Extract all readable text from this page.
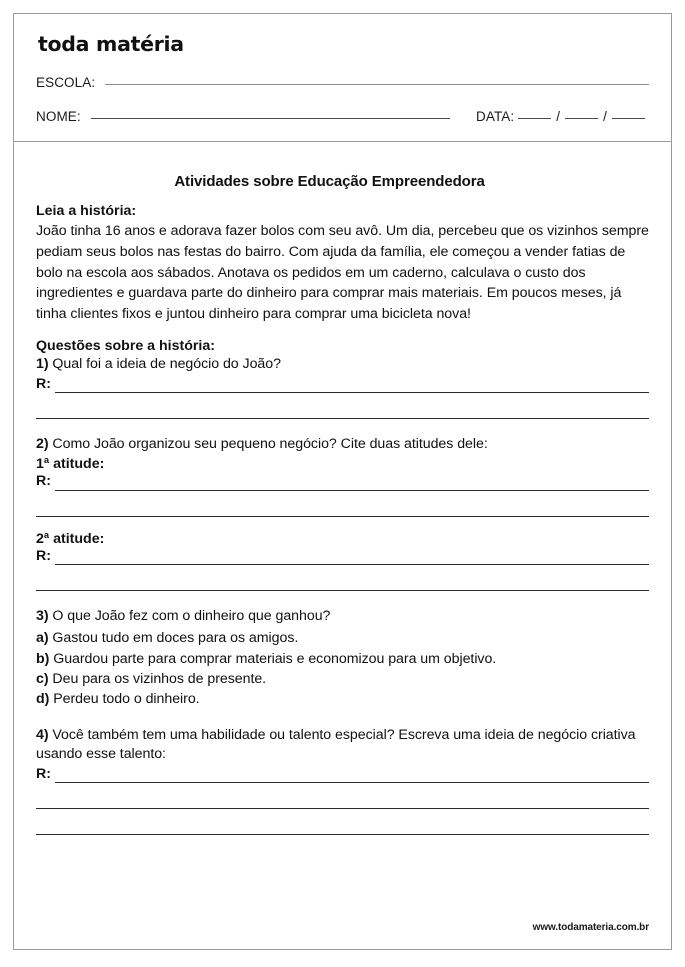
toda matéria
ESCOLA:
NOME:	DATA:	/	/
Atividades sobre Educação Empreendedora
Leia a história:
João tinha 16 anos e adorava fazer bolos com seu avô. Um dia, percebeu que os vizinhos sempre pediam seus bolos nas festas do bairro. Com ajuda da família, ele começou a vender fatias de bolo na escola aos sábados. Anotava os pedidos em um caderno, calculava o custo dos ingredientes e guardava parte do dinheiro para comprar mais materiais. Em poucos meses, já tinha clientes fixos e juntou dinheiro para comprar uma bicicleta nova!
Questões sobre a história:
1) Qual foi a ideia de negócio do João?
R:
2) Como João organizou seu pequeno negócio? Cite duas atitudes dele:
1ª atitude:
R:
2ª atitude:
R:
3) O que João fez com o dinheiro que ganhou?
a) Gastou tudo em doces para os amigos.
b) Guardou parte para comprar materiais e economizou para um objetivo.
c) Deu para os vizinhos de presente.
d) Perdeu todo o dinheiro.
4) Você também tem uma habilidade ou talento especial? Escreva uma ideia de negócio criativa usando esse talento:
R:
www.todamateria.com.br
